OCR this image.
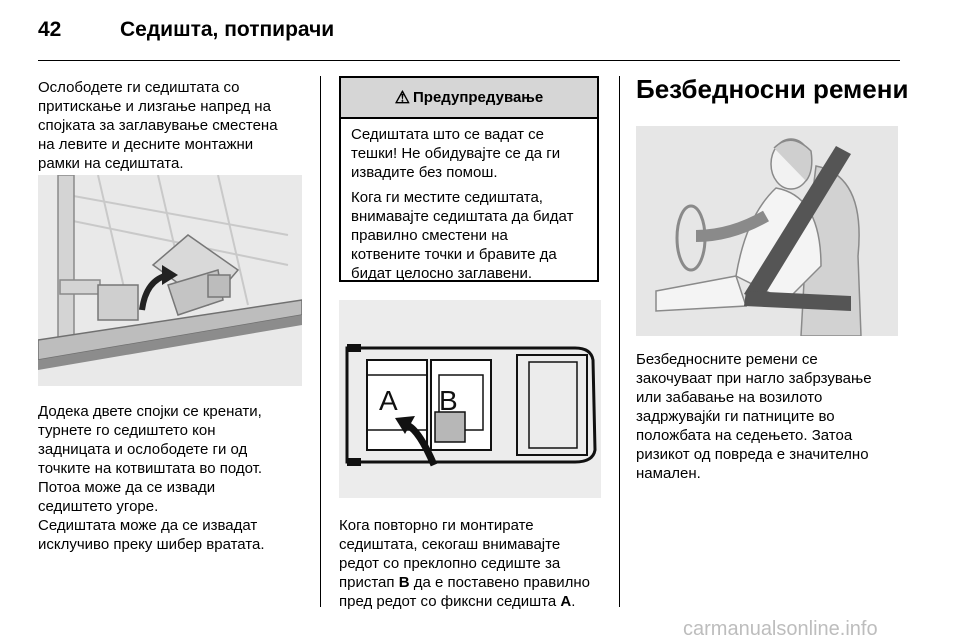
42	Седишта, потпирачи
Ослободете ги седиштата со
притискање и лизгање напред на
спојката за заглавување сместена
на левите и десните монтажни
рамки на седиштата.
Додека двете спојки се кренати,
турнете го седиштето кон
задницата и ослободете ги од
точките на котвиштата во подот.
Потоа може да се извади
седиштето угоре.
Седиштата може да се извадат
исклучиво преку шибер вратата.
⚠ Предупредување

Седиштата што се вадат се
тешки! Не обидувајте се да ги
извадите без помош.

Кога ги местите седиштата,
внимавајте седиштата да бидат
правилно сместени на
котвените точки и бравите да
бидат целосно заглавени.

A B
Кога повторно ги монтирате
седиштата, секогаш внимавајте
редот со преклопно седиште за
пристап B да е поставено правилно
пред редот со фиксни седишта A.
Безбедносни ремени
Безбедносните ремени се
закочуваат при нагло забрзување
или забавање на возилото
задржувајќи ги патниците во
положбата на седењето. Затоа
ризикот од повреда е значително
намален.
carmanualsonline.info
